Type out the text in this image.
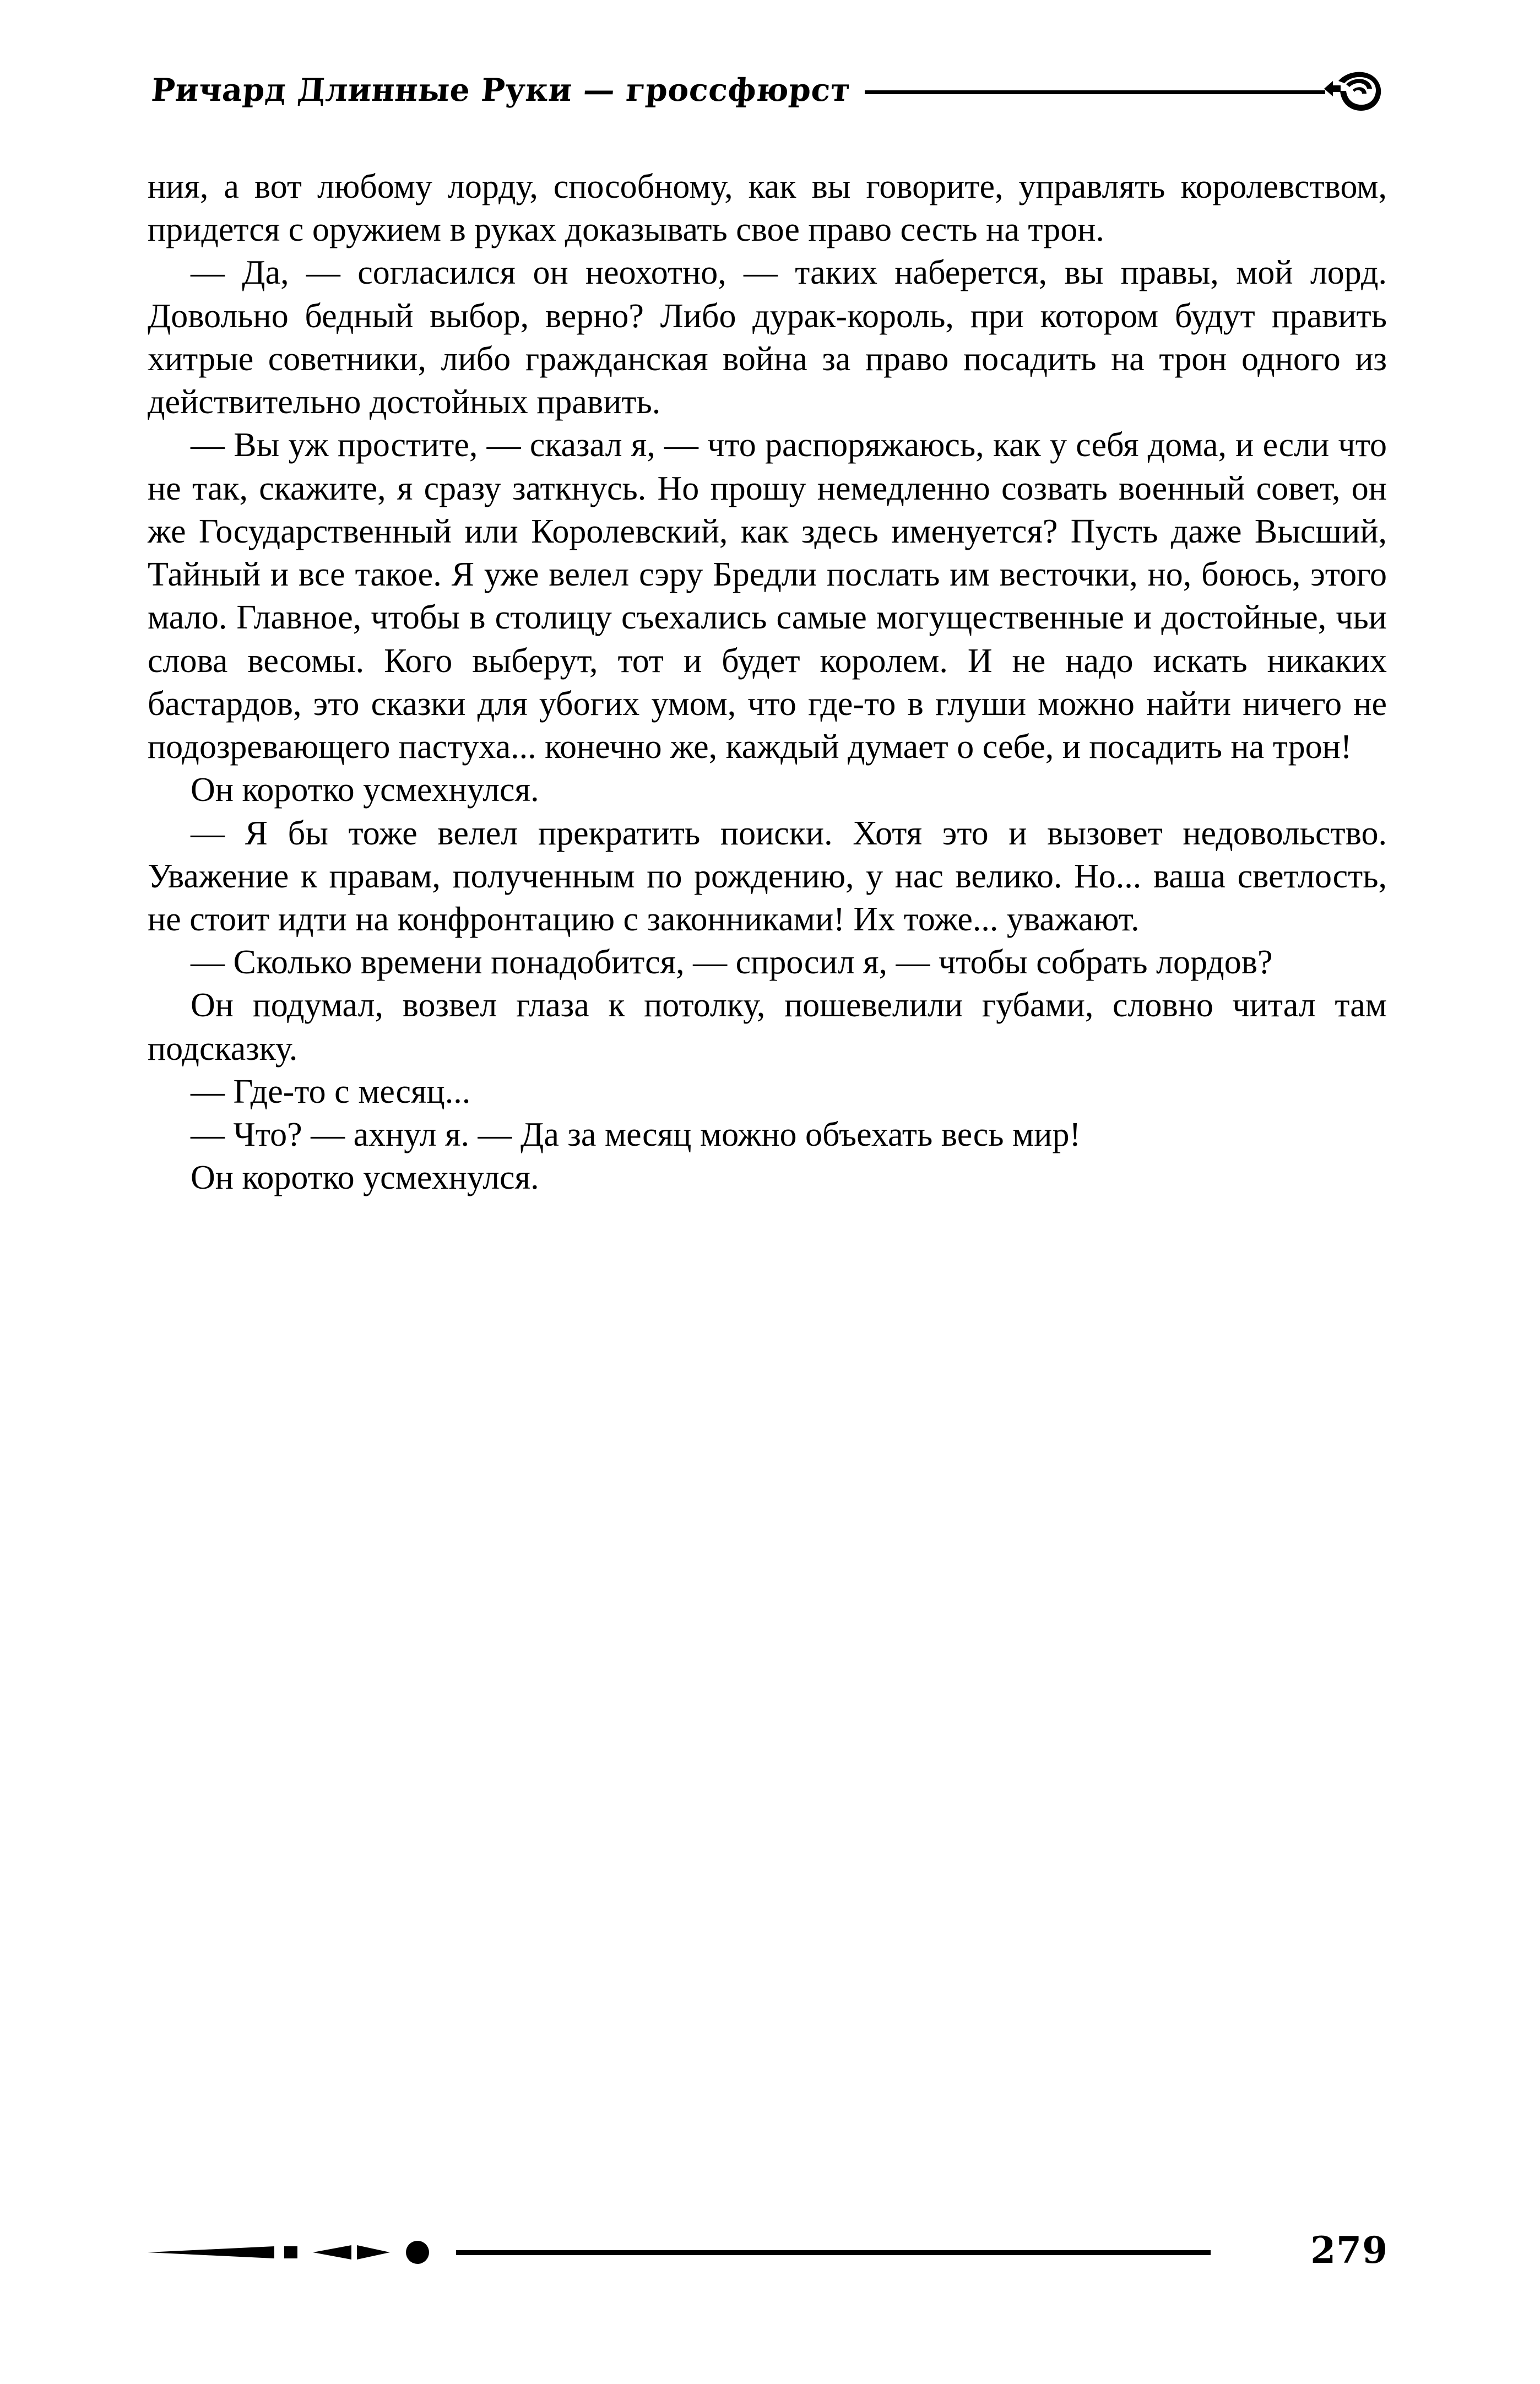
Ричард Длинные Руки — гроссфюрст

ния, а вот любому лорду, способному, как вы говорите, управлять королевством, придется с оружием в руках доказывать свое право сесть на трон.

— Да, — согласился он неохотно, — таких наберется, вы правы, мой лорд. Довольно бедный выбор, верно? Либо дурак-король, при котором будут править хитрые советники, либо гражданская война за право посадить на трон одного из действительно достойных править.

— Вы уж простите, — сказал я, — что распоряжаюсь, как у себя дома, и если что не так, скажите, я сразу заткнусь. Но прошу немедленно созвать военный совет, он же Государственный или Королевский, как здесь именуется? Пусть даже Высший, Тайный и все такое. Я уже велел сэру Бредли послать им весточки, но, боюсь, этого мало. Главное, чтобы в столицу съехались самые могущественные и достойные, чьи слова весомы. Кого выберут, тот и будет королем. И не надо искать никаких бастардов, это сказки для убогих умом, что где-то в глуши можно найти ничего не подозревающего пастуха... конечно же, каждый думает о себе, и посадить на трон!

Он коротко усмехнулся.

— Я бы тоже велел прекратить поиски. Хотя это и вызовет недовольство. Уважение к правам, полученным по рождению, у нас велико. Но... ваша светлость, не стоит идти на конфронтацию с законниками! Их тоже... уважают.

— Сколько времени понадобится, — спросил я, — чтобы собрать лордов?

Он подумал, возвел глаза к потолку, пошевелили губами, словно читал там подсказку.

— Где-то с месяц...

— Что? — ахнул я. — Да за месяц можно объехать весь мир!

Он коротко усмехнулся.

279
